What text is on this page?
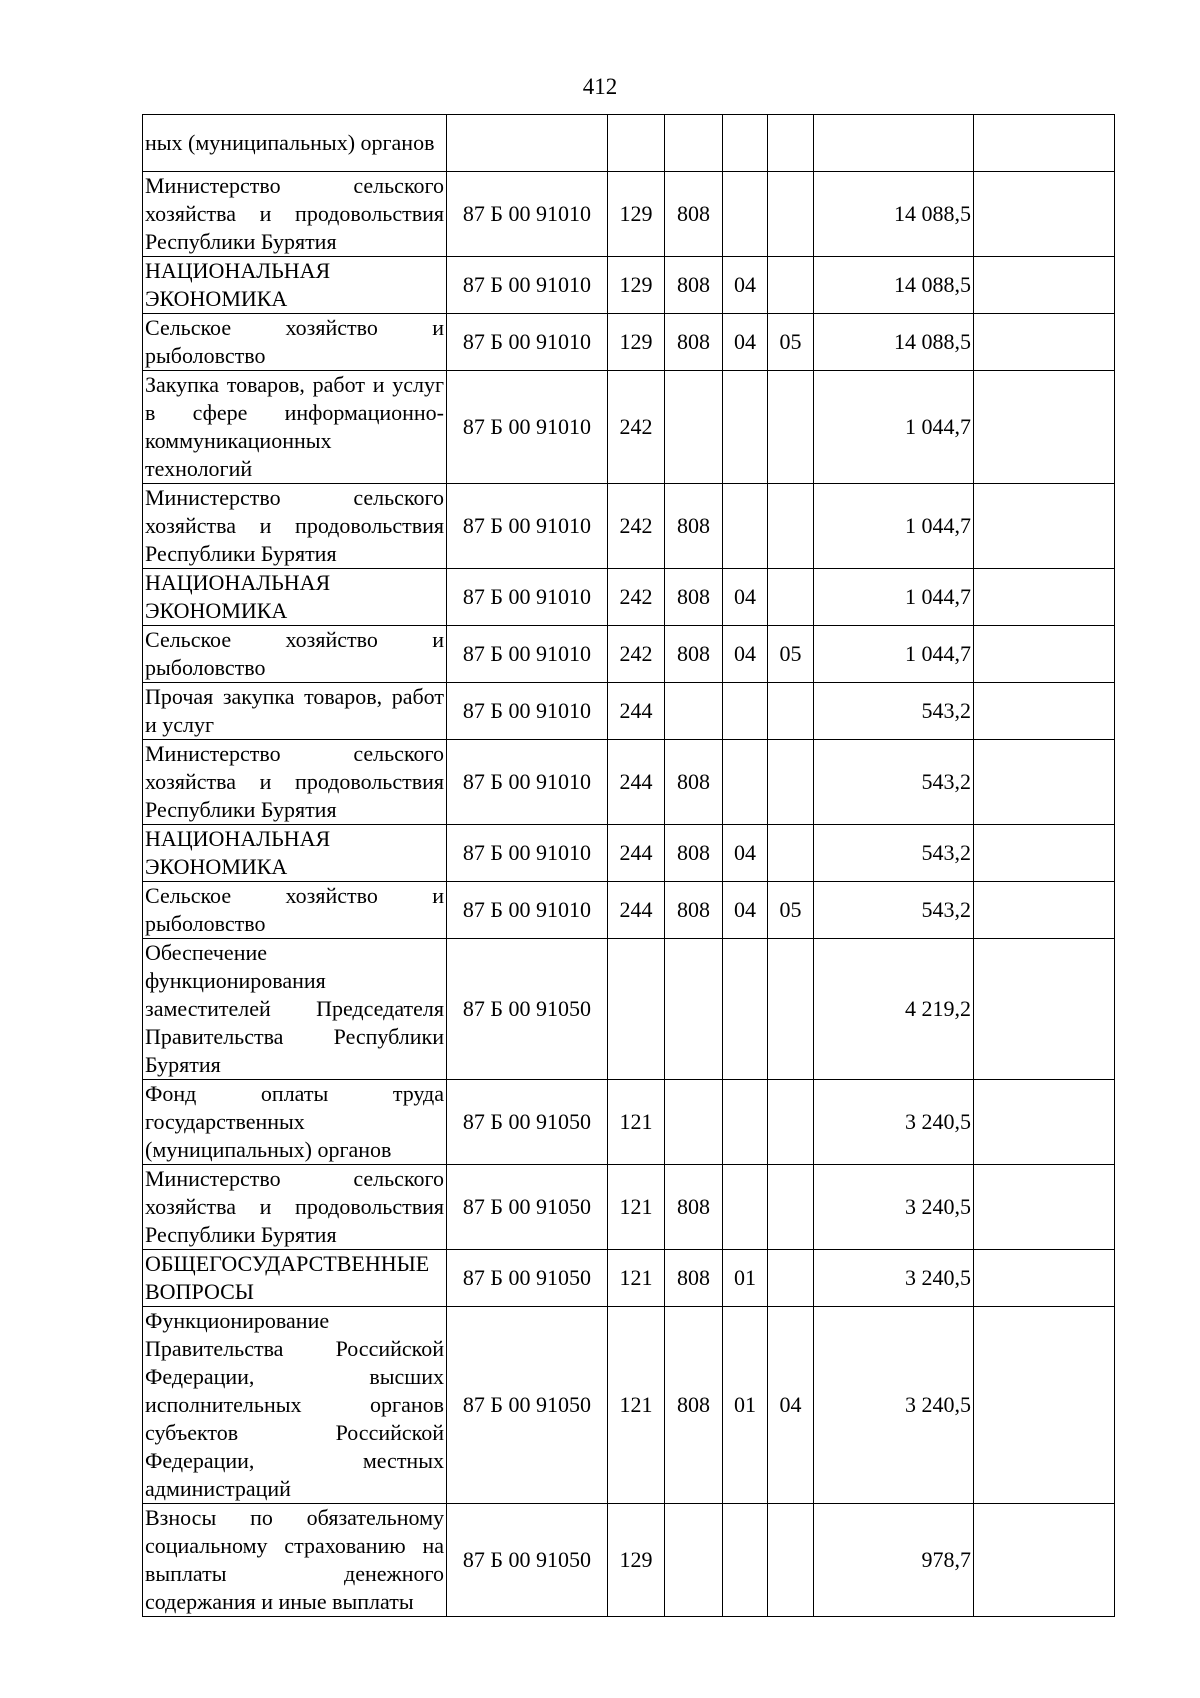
412
ных (муниципальных) органов							
Министерство сельского хозяйства и продовольствия Республики Бурятия	87 Б 00 91010	129	808			14 088,5	
НАЦИОНАЛЬНАЯ ЭКОНОМИКА	87 Б 00 91010	129	808	04		14 088,5	
Сельское хозяйство и рыболовство	87 Б 00 91010	129	808	04	05	14 088,5	
Закупка товаров, работ и услуг в сфере информационно-коммуникационных технологий	87 Б 00 91010	242				1 044,7	
Министерство сельского хозяйства и продовольствия Республики Бурятия	87 Б 00 91010	242	808			1 044,7	
НАЦИОНАЛЬНАЯ ЭКОНОМИКА	87 Б 00 91010	242	808	04		1 044,7	
Сельское хозяйство и рыболовство	87 Б 00 91010	242	808	04	05	1 044,7	
Прочая закупка товаров, работ и услуг	87 Б 00 91010	244				543,2	
Министерство сельского хозяйства и продовольствия Республики Бурятия	87 Б 00 91010	244	808			543,2	
НАЦИОНАЛЬНАЯ ЭКОНОМИКА	87 Б 00 91010	244	808	04		543,2	
Сельское хозяйство и рыболовство	87 Б 00 91010	244	808	04	05	543,2	
Обеспечение функционирования заместителей Председателя Правительства Республики Бурятия	87 Б 00 91050					4 219,2	
Фонд оплаты труда государственных (муниципальных) органов	87 Б 00 91050	121				3 240,5	
Министерство сельского хозяйства и продовольствия Республики Бурятия	87 Б 00 91050	121	808			3 240,5	
ОБЩЕГОСУДАРСТВЕННЫЕ ВОПРОСЫ	87 Б 00 91050	121	808	01		3 240,5	
Функционирование Правительства Российской Федерации, высших исполнительных органов субъектов Российской Федерации, местных администраций	87 Б 00 91050	121	808	01	04	3 240,5	
Взносы по обязательному социальному страхованию на выплаты денежного содержания и иные выплаты	87 Б 00 91050	129				978,7	
